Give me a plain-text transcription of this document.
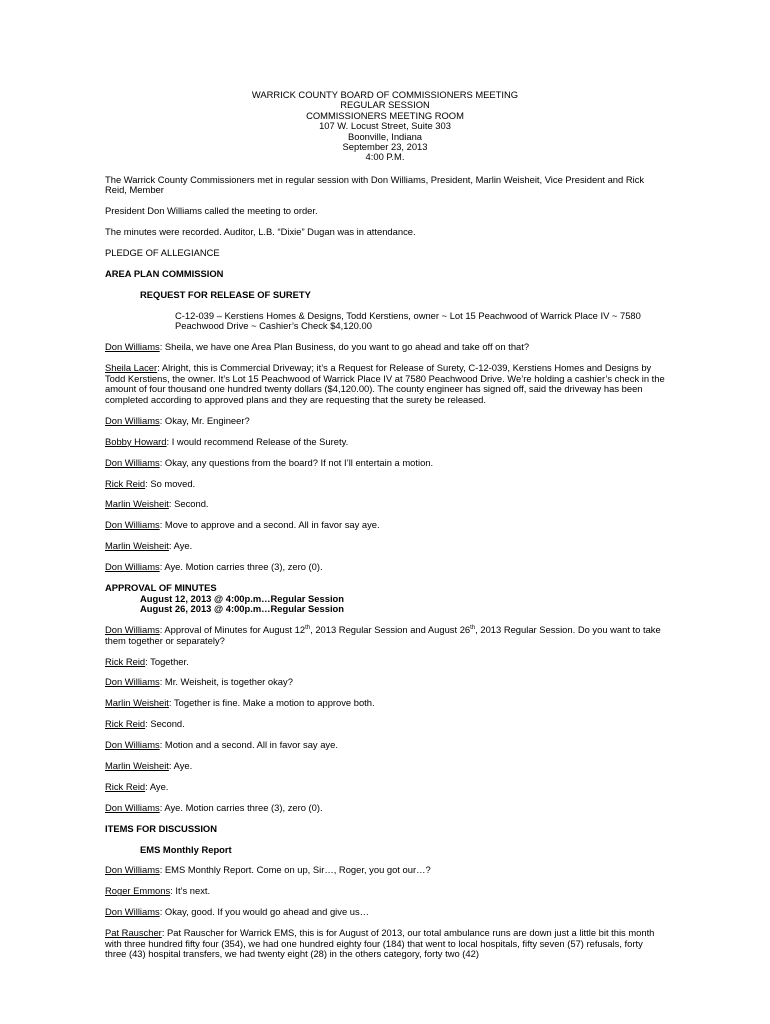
WARRICK COUNTY BOARD OF COMMISSIONERS MEETING
REGULAR SESSION
COMMISSIONERS MEETING ROOM
107 W. Locust Street, Suite 303
Boonville, Indiana
September 23, 2013
4:00 P.M.

The Warrick County Commissioners met in regular session with Don Williams, President, Marlin Weisheit, Vice President and Rick Reid, Member

President Don Williams called the meeting to order.

The minutes were recorded. Auditor, L.B. “Dixie” Dugan was in attendance.

PLEDGE OF ALLEGIANCE

AREA PLAN COMMISSION

REQUEST FOR RELEASE OF SURETY

C-12-039 – Kerstiens Homes & Designs, Todd Kerstiens, owner ~ Lot 15 Peachwood of Warrick Place IV ~ 7580 Peachwood Drive ~ Cashier’s Check $4,120.00

Don Williams: Sheila, we have one Area Plan Business, do you want to go ahead and take off on that?

Sheila Lacer: Alright, this is Commercial Driveway; it’s a Request for Release of Surety, C-12-039, Kerstiens Homes and Designs by Todd Kerstiens, the owner. It’s Lot 15 Peachwood of Warrick Place IV at 7580 Peachwood Drive. We’re holding a cashier’s check in the amount of four thousand one hundred twenty dollars ($4,120.00). The county engineer has signed off, said the driveway has been completed according to approved plans and they are requesting that the surety be released.

Don Williams: Okay, Mr. Engineer?

Bobby Howard: I would recommend Release of the Surety.

Don Williams: Okay, any questions from the board? If not I’ll entertain a motion.

Rick Reid: So moved.

Marlin Weisheit: Second.

Don Williams: Move to approve and a second. All in favor say aye.

Marlin Weisheit: Aye.

Don Williams: Aye. Motion carries three (3), zero (0).

APPROVAL OF MINUTES

August 12, 2013 @ 4:00p.m…Regular Session

August 26, 2013 @ 4:00p.m…Regular Session

Don Williams: Approval of Minutes for August 12th, 2013 Regular Session and August 26th, 2013 Regular Session. Do you want to take them together or separately?

Rick Reid: Together.

Don Williams: Mr. Weisheit, is together okay?

Marlin Weisheit: Together is fine. Make a motion to approve both.

Rick Reid: Second.

Don Williams: Motion and a second. All in favor say aye.

Marlin Weisheit: Aye.

Rick Reid: Aye.

Don Williams: Aye. Motion carries three (3), zero (0).

ITEMS FOR DISCUSSION

EMS Monthly Report

Don Williams: EMS Monthly Report. Come on up, Sir…, Roger, you got our…?

Roger Emmons: It’s next.

Don Williams: Okay, good. If you would go ahead and give us…

Pat Rauscher: Pat Rauscher for Warrick EMS, this is for August of 2013, our total ambulance runs are down just a little bit this month with three hundred fifty four (354), we had one hundred eighty four (184) that went to local hospitals, fifty seven (57) refusals, forty three (43) hospital transfers, we had twenty eight (28) in the others category, forty two (42)
